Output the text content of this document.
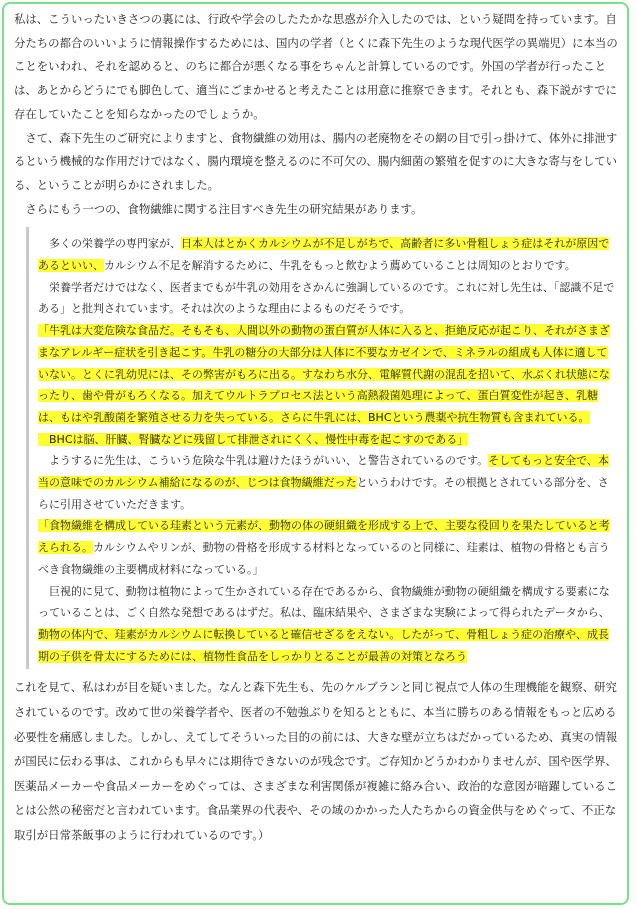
私は、こういったいきさつの裏には、行政や学会のしたたかな思惑が介入したのでは、という疑問を持っています。自分たちの都合のいいように情報操作するためには、国内の学者（とくに森下先生のような現代医学の異端児）に本当のことをいわれ、それを認めると、のちに都合が悪くなる事をちゃんと計算しているのです。外国の学者が行ったことは、あとからどうにでも脚色して、適当にごまかせると考えたことは用意に推察できます。それとも、森下説がすでに存在していたことを知らなかったのでしょうか。

　さて、森下先生のご研究によりますと、食物繊維の効用は、腸内の老廃物をその網の目で引っ掛けて、体外に排泄するという機械的な作用だけではなく、腸内環境を整えるのに不可欠の、腸内細菌の繁殖を促すのに大きな寄与をしている、ということが明らかにされました。

　さらにもう一つの、食物繊維に関する注目すべき先生の研究結果があります。

　多くの栄養学の専門家が、日本人はとかくカルシウムが不足しがちで、高齢者に多い骨粗しょう症はそれが原因であるといい、カルシウム不足を解消するために、牛乳をもっと飲むよう薦めていることは周知のとおりです。

　栄養学者だけではなく、医者までもが牛乳の効用をさかんに強調しているのです。これに対し先生は、「認識不足である」と批判されています。それは次のような理由によるものだそうです。

「牛乳は大変危険な食品だ。そもそも、人間以外の動物の蛋白質が人体に入ると、拒絶反応が起こり、それがさまざまなアレルギー症状を引き起こす。牛乳の糖分の大部分は人体に不要なカゼインで、ミネラルの組成も人体に適していない。とくに乳幼児には、その弊害がもろに出る。すなわち水分、電解質代謝の混乱を招いて、水ぶくれ状態になったり、歯や骨がもろくなる。加えてウルトラプロセス法という高熱殺菌処理によって、蛋白質変性が起き、乳糖は、もはや乳酸菌を繁殖させる力を失っている。さらに牛乳には、BHCという農薬や抗生物質も含まれている。

　BHCは脳、肝臓、腎臓などに残留して排泄されにくく、慢性中毒を起こすのである」

　ようするに先生は、こういう危険な牛乳は避けたほうがいい、と警告されているのです。そしてもっと安全で、本当の意味でのカルシウム補給になるのが、じつは食物繊維だったというわけです。その根拠とされている部分を、さらに引用させていただきます。

「食物繊維を構成している珪素という元素が、動物の体の硬組織を形成する上で、主要な役回りを果たしていると考えられる。カルシウムやリンが、動物の骨格を形成する材料となっているのと同様に、珪素は、植物の骨格とも言うべき食物繊維の主要構成材料になっている。」

　巨視的に見て、動物は植物によって生かされている存在であるから、食物繊維が動物の硬組織を構成する要素になっていることは、ごく自然な発想であるはずだ。私は、臨床結果や、さまざまな実験によって得られたデータから、動物の体内で、珪素がカルシウムに転換していると確信せざるをえない。したがって、骨粗しょう症の治療や、成長期の子供を骨太にするためには、植物性食品をしっかりとることが最善の対策となろう

これを見て、私はわが目を疑いました。なんと森下先生も、先のケルブランと同じ視点で人体の生理機能を観察、研究されているのです。改めて世の栄養学者や、医者の不勉強ぶりを知るとともに、本当に勝ちのある情報をもっと広める必要性を痛感しました。しかし、えてしてそういった目的の前には、大きな壁が立ちはだかっているため、真実の情報が国民に伝わる事は、これからも早々には期待できないのが残念です。ご存知かどうかわかりませんが、国や医学界、医薬品メーカーや食品メーカーをめぐっては、さまざまな利害関係が複雑に絡み合い、政治的な意図が暗躍していることは公然の秘密だと言われています。食品業界の代表や、その域のかかった人たちからの資金供与をめぐって、不正な取引が日常茶飯事のように行われているのです。）
